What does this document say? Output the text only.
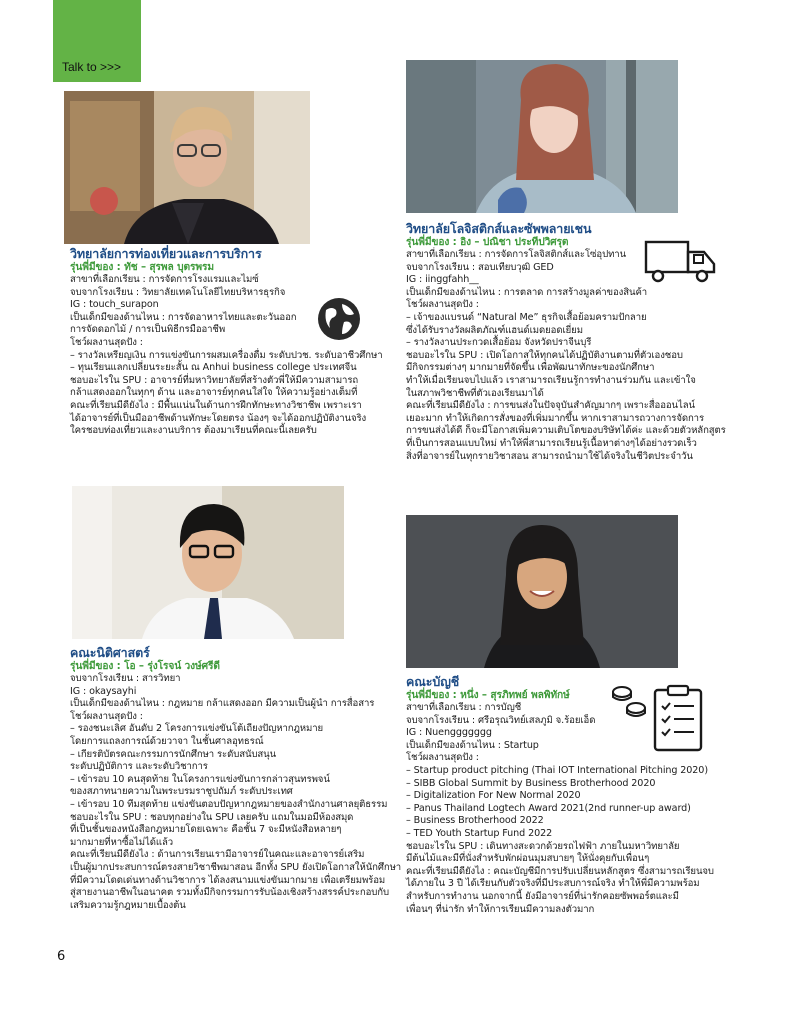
Talk to >>>
วิทยาลัยการท่องเที่ยวและการบริการ
รุ่นพี่มีของ : ทัช – สุรพล บุตรพรม
สาขาที่เลือกเรียน : การจัดการโรงแรมและไมซ์
จบจากโรงเรียน : วิทยาลัยเทคโนโลยีไทยบริหารธุรกิจ
IG : touch_surapon
เป็นเด็กมีของด้านไหน : การจัดอาหารไทยและตะวันออก
การจัดดอกไม้ / การเป็นพิธีกรมืออาชีพ
โชว์ผลงานสุดปัง :
– รางวัลเหรียญเงิน การแข่งขันการผสมเครื่องดื่ม ระดับปวช. ระดับอาชีวศึกษา
– ทุนเรียนแลกเปลี่ยนระยะสั้น ณ Anhui business college ประเทศจีน
ชอบอะไรใน SPU : อาจารย์ที่มหาวิทยาลัยที่สร้างตัวพี่ให้มีความสามารถ
กล้าแสดงออกในทุกๆ ด้าน และอาจารย์ทุกคนใส่ใจ ให้ความรู้อย่างเต็มที่
คณะที่เรียนมีดียังไง : มีพื้นแน่นในด้านการฝึกทักษะทางวิชาชีพ เพราะเรา
ได้อาจารย์ที่เป็นมืออาชีพด้านทักษะโดยตรง น้องๆ จะได้ออกปฏิบัติงานจริง
ใครชอบท่องเที่ยวและงานบริการ ต้องมาเรียนที่คณะนี้เลยครับ
วิทยาลัยโลจิสติกส์และซัพพลายเชน
รุ่นพี่มีของ : อิง – ปณิชา ประทีปวิศรุต
สาขาที่เลือกเรียน : การจัดการโลจิสติกส์และโซ่อุปทาน
จบจากโรงเรียน : สอบเทียบวุฒิ GED
IG : iinggfahh__
เป็นเด็กมีของด้านไหน : การตลาด การสร้างมูลค่าของสินค้า
โชว์ผลงานสุดปัง :
– เจ้าของแบรนด์ “Natural Me” ธุรกิจเสื้อย้อมครามปักลาย
ซึ่งได้รับรางวัลผลิตภัณฑ์แฮนด์เมดยอดเยี่ยม
– รางวัลงานประกวดเสื้อย้อม จังหวัดปราจีนบุรี
ชอบอะไรใน SPU : เปิดโอกาสให้ทุกคนได้ปฏิบัติงานตามที่ตัวเองชอบ
มีกิจกรรมต่างๆ มากมายที่จัดขึ้น เพื่อพัฒนาทักษะของนักศึกษา
ทำให้เมื่อเรียนจบไปแล้ว เราสามารถเรียนรู้การทำงานร่วมกัน และเข้าใจ
ในสภาพวิชาชีพที่ตัวเองเรียนมาได้
คณะที่เรียนมีดียังไง : การขนส่งในปัจจุบันสำคัญมากๆ เพราะสื่อออนไลน์
เยอะมาก ทำให้เกิดการสั่งของที่เพิ่มมากขึ้น หากเราสามารถวางการจัดการ
การขนส่งได้ดี ก็จะมีโอกาสเพิ่มความเติบโตของบริษัทได้ค่ะ และด้วยตัวหลักสูตร
ที่เป็นการสอนแบบใหม่ ทำให้พี่สามารถเรียนรู้เนื้อหาต่างๆได้อย่างรวดเร็ว
สิ่งที่อาจารย์ในทุกรายวิชาสอน สามารถนำมาใช้ได้จริงในชีวิตประจำวัน
คณะนิติศาสตร์
รุ่นพี่มีของ : โอ – รุ่งโรจน์ วงษ์ศรีดี
จบจากโรงเรียน : สารวิทยา
IG : okaysayhi
เป็นเด็กมีของด้านไหน : กฎหมาย กล้าแสดงออก มีความเป็นผู้นำ การสื่อสาร
โชว์ผลงานสุดปัง :
– รองชนะเลิศ อันดับ 2 โครงการแข่งขันโต้เถียงปัญหากฎหมาย
โดยการแถลงการณ์ด้วยวาจา ในชั้นศาลอุทธรณ์
– เกียรติบัตรคณะกรรมการนักศึกษา ระดับสนับสนุน
ระดับปฏิบัติการ และระดับวิชาการ
– เข้ารอบ 10 คนสุดท้าย ในโครงการแข่งขันการกล่าวสุนทรพจน์
ของสภาทนายความในพระบรมราชูปถัมภ์ ระดับประเทศ
– เข้ารอบ 10 ทีมสุดท้าย แข่งขันตอบปัญหากฎหมายของสำนักงานศาลยุติธรรม
ชอบอะไรใน SPU : ชอบทุกอย่างใน SPU เลยครับ แถมในมอมีห้องสมุด
ที่เป็นชั้นของหนังสือกฎหมายโดยเฉพาะ คือชั้น 7 จะมีหนังสือหลายๆ
มากมายที่หาซื้อไม่ได้แล้ว
คณะที่เรียนมีดียังไง : ด้านการเรียนเรามีอาจารย์ในคณะและอาจารย์เสริม
เป็นผู้มากประสบการณ์ตรงสายวิชาชีพมาสอน อีกทั้ง SPU ยังเปิดโอกาสให้นักศึกษา
ที่มีความโดดเด่นทางด้านวิชาการ ได้ลงสนามแข่งขันมากมาย เพื่อเตรียมพร้อม
สู่สายงานอาชีพในอนาคต รวมทั้งมีกิจกรรมการรับน้องเชิงสร้างสรรค์ประกอบกับ
เสริมความรู้กฎหมายเบื้องต้น
คณะบัญชี
รุ่นพี่มีของ : หนึ่ง – สุรภิทพย์ พลพิทักษ์
สาขาที่เลือกเรียน : การบัญชี
จบจากโรงเรียน : ศรีอรุณวิทย์เสลภูมิ จ.ร้อยเอ็ด
IG : Nuenggggggg
เป็นเด็กมีของด้านไหน : Startup
โชว์ผลงานสุดปัง :
– Startup product pitching (Thai IOT International Pitching 2020)
– SIBB Global Summit by Business Brotherhood 2020
– Digitalization For New Normal 2020
– Panus Thailand Logtech Award 2021(2nd runner-up award)
– Business Brotherhood 2022
– TED Youth Startup Fund 2022
ชอบอะไรใน SPU : เดินทางสะดวกด้วยรถไฟฟ้า ภายในมหาวิทยาลัย
มีต้นไม้และมีที่นั่งสำหรับพักผ่อนมุมสบายๆ ให้นั่งคุยกับเพื่อนๆ
คณะที่เรียนมีดียังไง : คณะบัญชีมีการปรับเปลี่ยนหลักสูตร ซึ่งสามารถเรียนจบ
ได้ภายใน 3 ปี ได้เรียนกับตัวจริงที่มีประสบการณ์จริง ทำให้พี่มีความพร้อม
สำหรับการทำงาน นอกจากนี้ ยังมีอาจารย์ที่น่ารักคอยซัพพอร์ตและมี
เพื่อนๆ ที่น่ารัก ทำให้การเรียนมีความลงตัวมาก
6
